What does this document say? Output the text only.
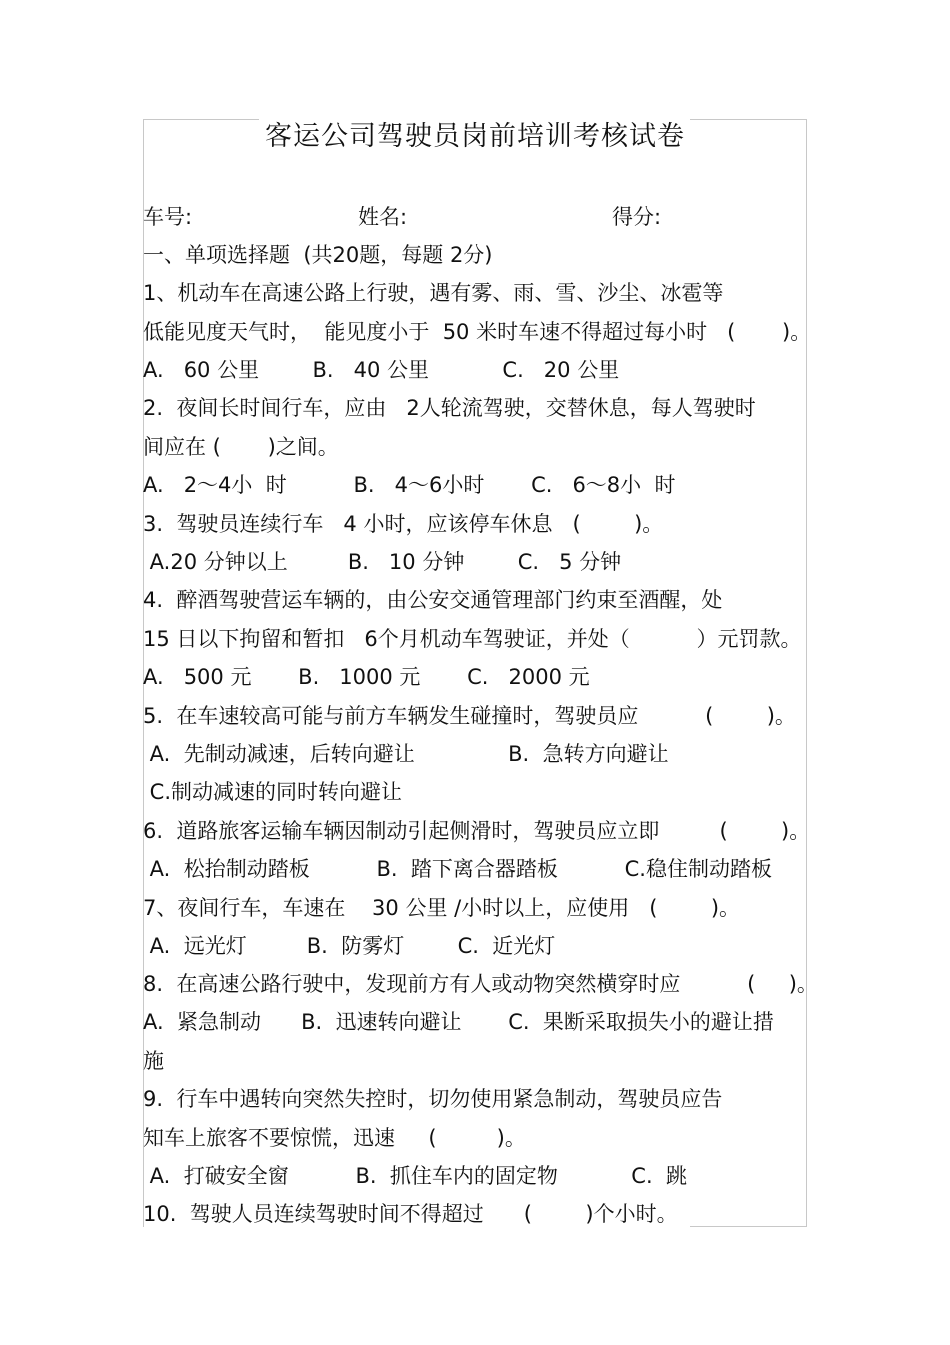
客运公司驾驶员岗前培训考核试卷
车号:	姓名:	得分:
一、单项选择题  (共20题，每题 2分)
1、机动车在高速公路上行驶，遇有雾、雨、雪、沙尘、冰雹等
低能见度天气时，  能见度小于  50 米时车速不得超过每小时   (       )。
A.   60 公里        B.   40 公里           C.   20 公里
2.  夜间长时间行车，应由   2人轮流驾驶，交替休息，每人驾驶时
间应在 (       )之间。
A.   2～4小  时          B.   4～6小时       C.   6～8小  时
3.  驾驶员连续行车   4 小时，应该停车休息   (        )。
A.20 分钟以上         B.   10 分钟        C.   5 分钟
4.  醉酒驾驶营运车辆的，由公安交通管理部门约束至酒醒，处
15 日以下拘留和暂扣   6个月机动车驾驶证，并处（          ）元罚款。
A.   500 元       B.   1000 元       C.   2000 元
5.  在车速较高可能与前方车辆发生碰撞时，驾驶员应          (        )。
A.  先制动减速，后转向避让              B.  急转方向避让
C.制动减速的同时转向避让
6.  道路旅客运输车辆因制动引起侧滑时，驾驶员应立即         (        )。
A.  松抬制动踏板          B.  踏下离合器踏板          C.稳住制动踏板
7、夜间行车，车速在    30 公里 /小时以上，应使用   (        )。
A.  远光灯         B.  防雾灯        C.  近光灯
8.  在高速公路行驶中，发现前方有人或动物突然横穿时应          (     )。
A.  紧急制动      B.  迅速转向避让       C.  果断采取损失小的避让措
施
9.  行车中遇转向突然失控时，切勿使用紧急制动，驾驶员应告
知车上旅客不要惊慌，迅速     (         )。
A.  打破安全窗          B.  抓住车内的固定物           C.  跳
10.  驾驶人员连续驾驶时间不得超过      (        )个小时。
